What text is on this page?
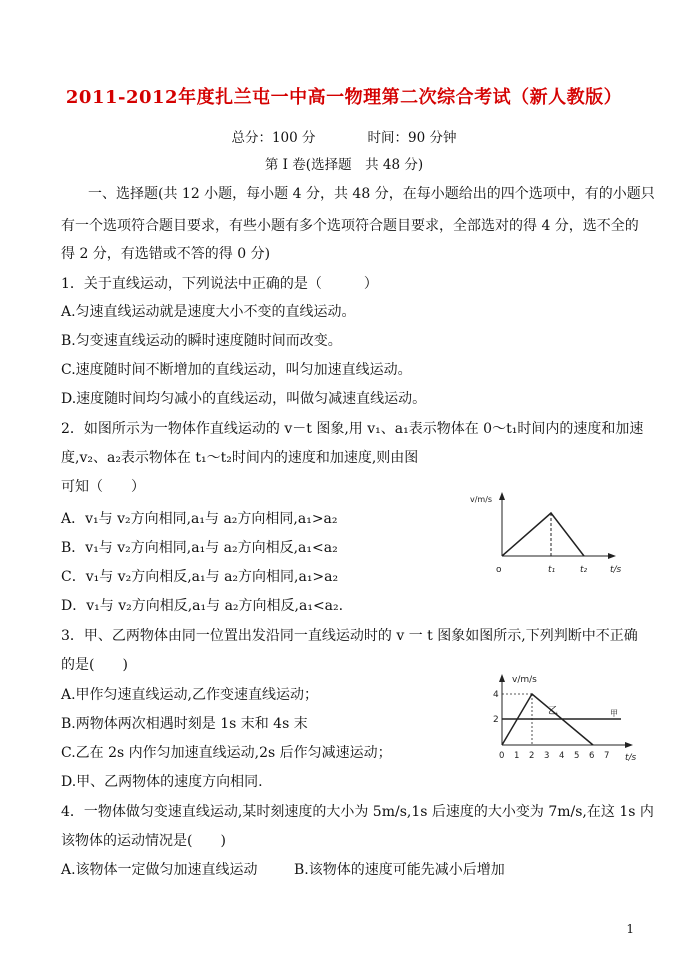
2011-2012年度扎兰屯一中高一物理第二次综合考试（新人教版）
总分：100 分	时间：90 分钟
第 I 卷(选择题　共 48 分)
一、选择题(共 12 小题，每小题 4 分，共 48 分，在每小题给出的四个选项中，有的小题只
有一个选项符合题目要求，有些小题有多个选项符合题目要求，全部选对的得 4 分，选不全的
得 2 分，有选错或不答的得 0 分)
1．关于直线运动，下列说法中正确的是（　　　）
A.匀速直线运动就是速度大小不变的直线运动。
B.匀变速直线运动的瞬时速度随时间而改变。
C.速度随时间不断增加的直线运动，叫匀加速直线运动。
D.速度随时间均匀减小的直线运动，叫做匀减速直线运动。
2．如图所示为一物体作直线运动的 v－t 图象,用 v₁、a₁表示物体在 0～t₁时间内的速度和加速
度,v₂、a₂表示物体在 t₁～t₂时间内的速度和加速度,则由图
可知（　　）
A．v₁与 v₂方向相同,a₁与 a₂方向相同,a₁>a₂
B．v₁与 v₂方向相同,a₁与 a₂方向相反,a₁<a₂
C．v₁与 v₂方向相反,a₁与 a₂方向相同,a₁>a₂
D．v₁与 v₂方向相反,a₁与 a₂方向相反,a₁<a₂.
v/m/s
t/s
o	t₁	t₂
3．甲、乙两物体由同一位置出发沿同一直线运动时的 v 一 t 图象如图所示,下列判断中不正确
的是(　　)
A.甲作匀速直线运动,乙作变速直线运动；
B.两物体两次相遇时刻是 1s 末和 4s 末
C.乙在 2s 内作匀加速直线运动,2s 后作匀减速运动；
D.甲、乙两物体的速度方向相同.
v/m/s
t/s
4
2
乙	甲
0 1 2 3 4 5 6 7
4．一物体做匀变速直线运动,某时刻速度的大小为 5m/s,1s 后速度的大小变为 7m/s,在这 1s 内
该物体的运动情况是(　　)
A.该物体一定做匀加速直线运动	B.该物体的速度可能先减小后增加
1
